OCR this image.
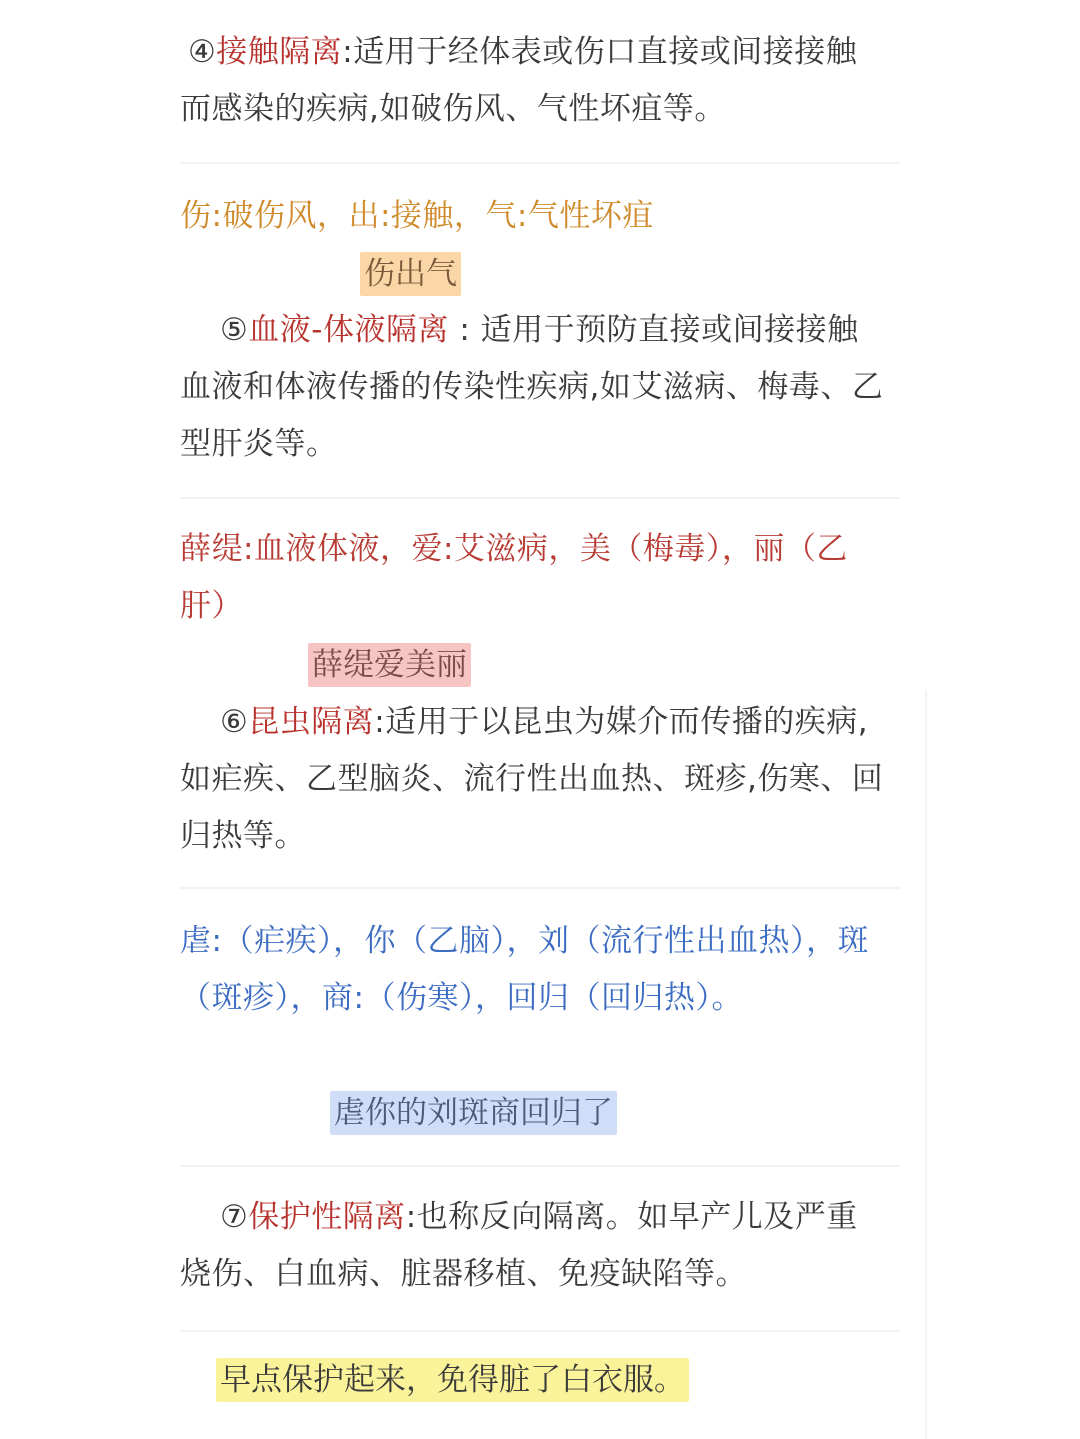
④接触隔离:适用于经体表或伤口直接或间接接触而感染的疾病,如破伤风、气性坏疽等。
伤:破伤风，出:接触，气:气性坏疽
伤出气
⑤血液-体液隔离 : 适用于预防直接或间接接触血液和体液传播的传染性疾病,如艾滋病、梅毒、乙型肝炎等。
薛缇:血液体液，爱:艾滋病，美（梅毒），丽（乙肝）
薛缇爱美丽
⑥昆虫隔离:适用于以昆虫为媒介而传播的疾病,如疟疾、乙型脑炎、流行性出血热、斑疹,伤寒、回归热等。
虐:（疟疾），你（乙脑），刘（流行性出血热），斑（斑疹），商:（伤寒），回归（回归热）。
虐你的刘斑商回归了
⑦保护性隔离:也称反向隔离。如早产儿及严重烧伤、白血病、脏器移植、免疫缺陷等。
早点保护起来，免得脏了白衣服。
